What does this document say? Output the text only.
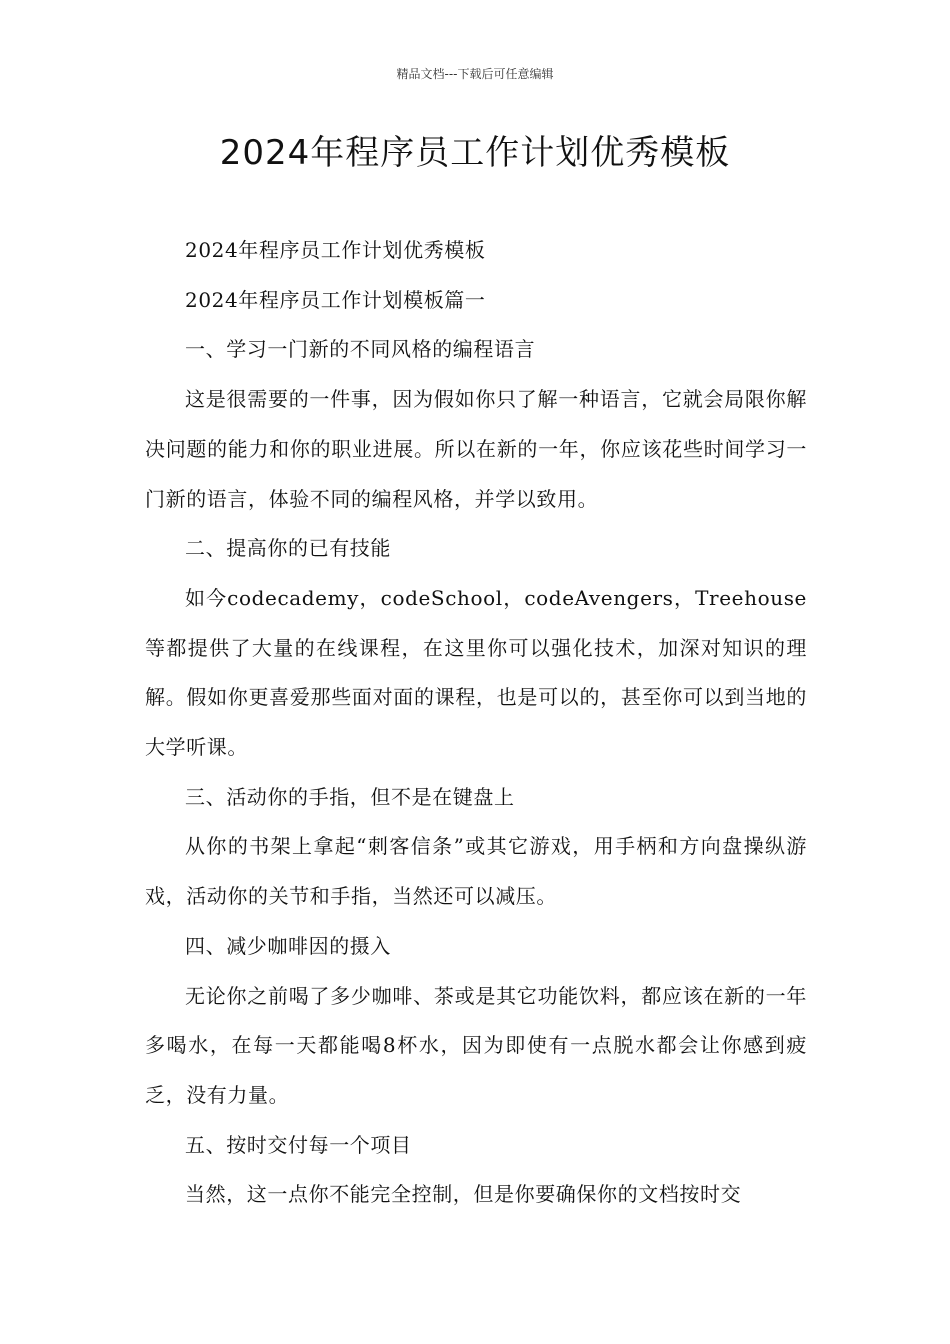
精品文档---下载后可任意编辑
2024年程序员工作计划优秀模板

2024年程序员工作计划优秀模板

2024年程序员工作计划模板篇一

一、学习一门新的不同风格的编程语言

这是很需要的一件事，因为假如你只了解一种语言，它就会局限你解决问题的能力和你的职业进展。所以在新的一年，你应该花些时间学习一门新的语言，体验不同的编程风格，并学以致用。

二、提高你的已有技能

如今codecademy，codeSchool，codeAvengers，Treehouse等都提供了大量的在线课程，在这里你可以强化技术，加深对知识的理解。假如你更喜爱那些面对面的课程，也是可以的，甚至你可以到当地的大学听课。

三、活动你的手指，但不是在键盘上

从你的书架上拿起“刺客信条”或其它游戏，用手柄和方向盘操纵游戏，活动你的关节和手指，当然还可以减压。

四、减少咖啡因的摄入

无论你之前喝了多少咖啡、茶或是其它功能饮料，都应该在新的一年多喝水，在每一天都能喝8杯水，因为即使有一点脱水都会让你感到疲乏，没有力量。

五、按时交付每一个项目

当然，这一点你不能完全控制，但是你要确保你的文档按时交
